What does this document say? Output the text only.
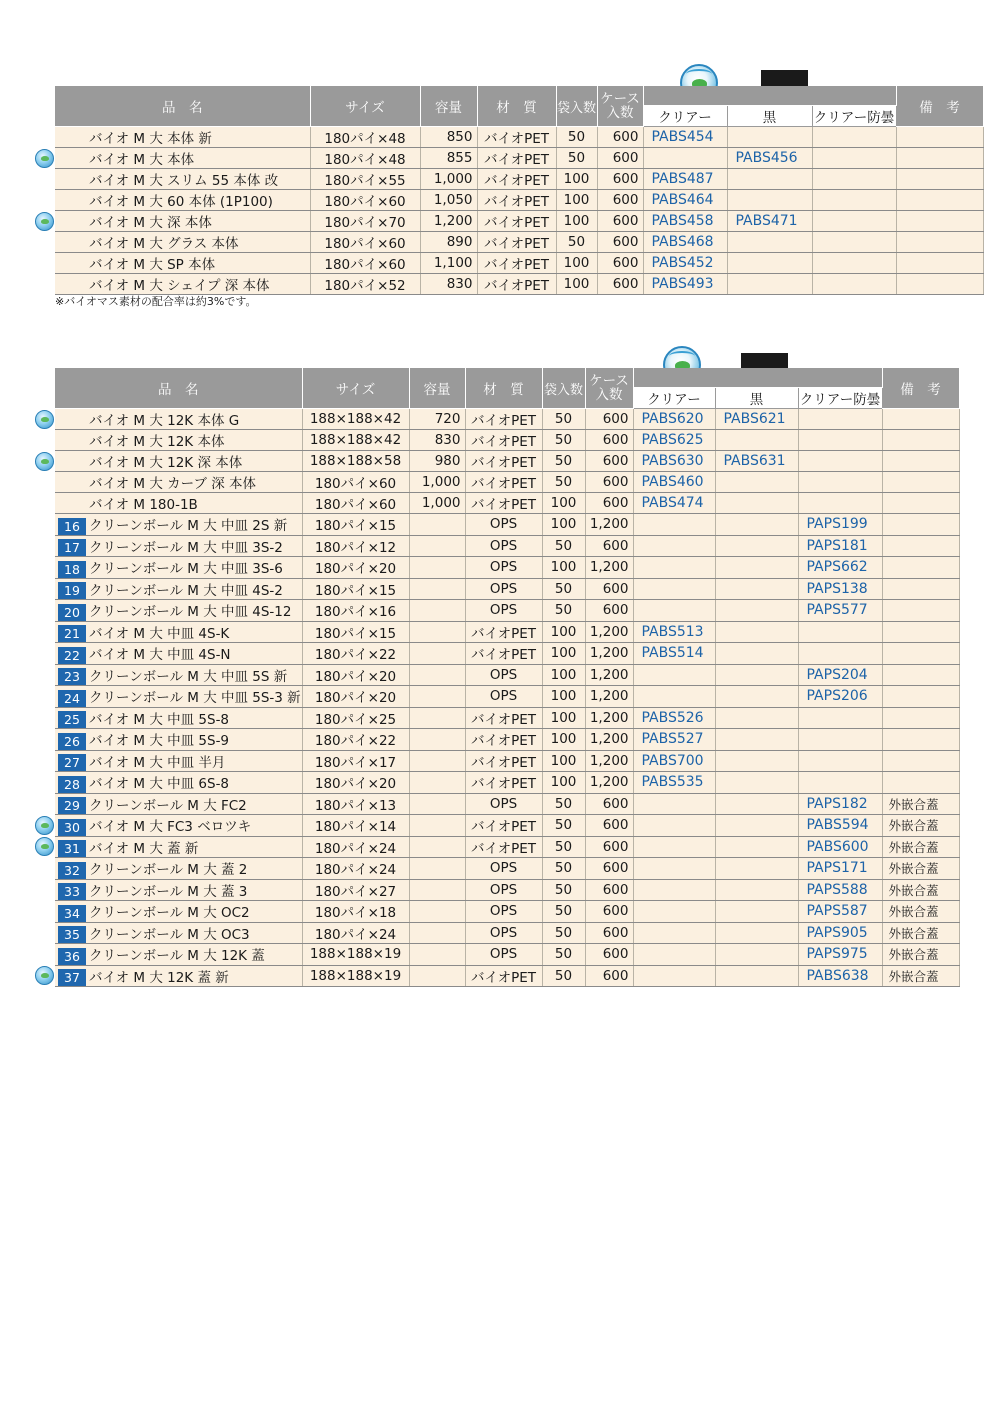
品　名	サイズ	容量	材　質	袋入数	ケース
入数				備　考
						クリアー	黒	クリアー防曇	
バイオ M 大 本体 新	180パイ×48	850	バイオPET	50	600	PABS454			
バイオ M 大 本体	180パイ×48	855	バイオPET	50	600		PABS456		
バイオ M 大 スリム 55 本体 改	180パイ×55	1,000	バイオPET	100	600	PABS487			
バイオ M 大 60 本体 (1P100)	180パイ×60	1,050	バイオPET	100	600	PABS464			
バイオ M 大 深 本体	180パイ×70	1,200	バイオPET	100	600	PABS458	PABS471		
バイオ M 大 グラス 本体	180パイ×60	890	バイオPET	50	600	PABS468			
バイオ M 大 SP 本体	180パイ×60	1,100	バイオPET	100	600	PABS452			
バイオ M 大 シェイプ 深 本体	180パイ×52	830	バイオPET	100	600	PABS493			
※バイオマス素材の配合率は約3%です。
品　名	サイズ	容量	材　質	袋入数	ケース
入数				備　考
						クリアー	黒	クリアー防曇	
バイオ M 大 12K 本体 G	188×188×42	720	バイオPET	50	600	PABS620	PABS621		
バイオ M 大 12K 本体	188×188×42	830	バイオPET	50	600	PABS625			
バイオ M 大 12K 深 本体	188×188×58	980	バイオPET	50	600	PABS630	PABS631		
バイオ M 大 カーブ 深 本体	180パイ×60	1,000	バイオPET	50	600	PABS460			
バイオ M 180-1B	180パイ×60	1,000	バイオPET	100	600	PABS474			
16 クリーンボール M 大 中皿 2S 新	180パイ×15		OPS	100	1,200			PAPS199	
17 クリーンボール M 大 中皿 3S-2	180パイ×12		OPS	50	600			PAPS181	
18 クリーンボール M 大 中皿 3S-6	180パイ×20		OPS	100	1,200			PAPS662	
19 クリーンボール M 大 中皿 4S-2	180パイ×15		OPS	50	600			PAPS138	
20 クリーンボール M 大 中皿 4S-12	180パイ×16		OPS	50	600			PAPS577	
21 バイオ M 大 中皿 4S-K	180パイ×15		バイオPET	100	1,200	PABS513			
22 バイオ M 大 中皿 4S-N	180パイ×22		バイオPET	100	1,200	PABS514			
23 クリーンボール M 大 中皿 5S 新	180パイ×20		OPS	100	1,200			PAPS204	
24 クリーンボール M 大 中皿 5S-3 新	180パイ×20		OPS	100	1,200			PAPS206	
25 バイオ M 大 中皿 5S-8	180パイ×25		バイオPET	100	1,200	PABS526			
26 バイオ M 大 中皿 5S-9	180パイ×22		バイオPET	100	1,200	PABS527			
27 バイオ M 大 中皿 半月	180パイ×17		バイオPET	100	1,200	PABS700			
28 バイオ M 大 中皿 6S-8	180パイ×20		バイオPET	100	1,200	PABS535			
29 クリーンボール M 大 FC2	180パイ×13		OPS	50	600			PAPS182	外嵌合蓋
30 バイオ M 大 FC3 ベロツキ	180パイ×14		バイオPET	50	600			PABS594	外嵌合蓋
31 バイオ M 大 蓋 新	180パイ×24		バイオPET	50	600			PABS600	外嵌合蓋
32 クリーンボール M 大 蓋 2	180パイ×24		OPS	50	600			PAPS171	外嵌合蓋
33 クリーンボール M 大 蓋 3	180パイ×27		OPS	50	600			PAPS588	外嵌合蓋
34 クリーンボール M 大 OC2	180パイ×18		OPS	50	600			PAPS587	外嵌合蓋
35 クリーンボール M 大 OC3	180パイ×24		OPS	50	600			PAPS905	外嵌合蓋
36 クリーンボール M 大 12K 蓋	188×188×19		OPS	50	600			PAPS975	外嵌合蓋
37 バイオ M 大 12K 蓋 新	188×188×19		バイオPET	50	600			PABS638	外嵌合蓋
